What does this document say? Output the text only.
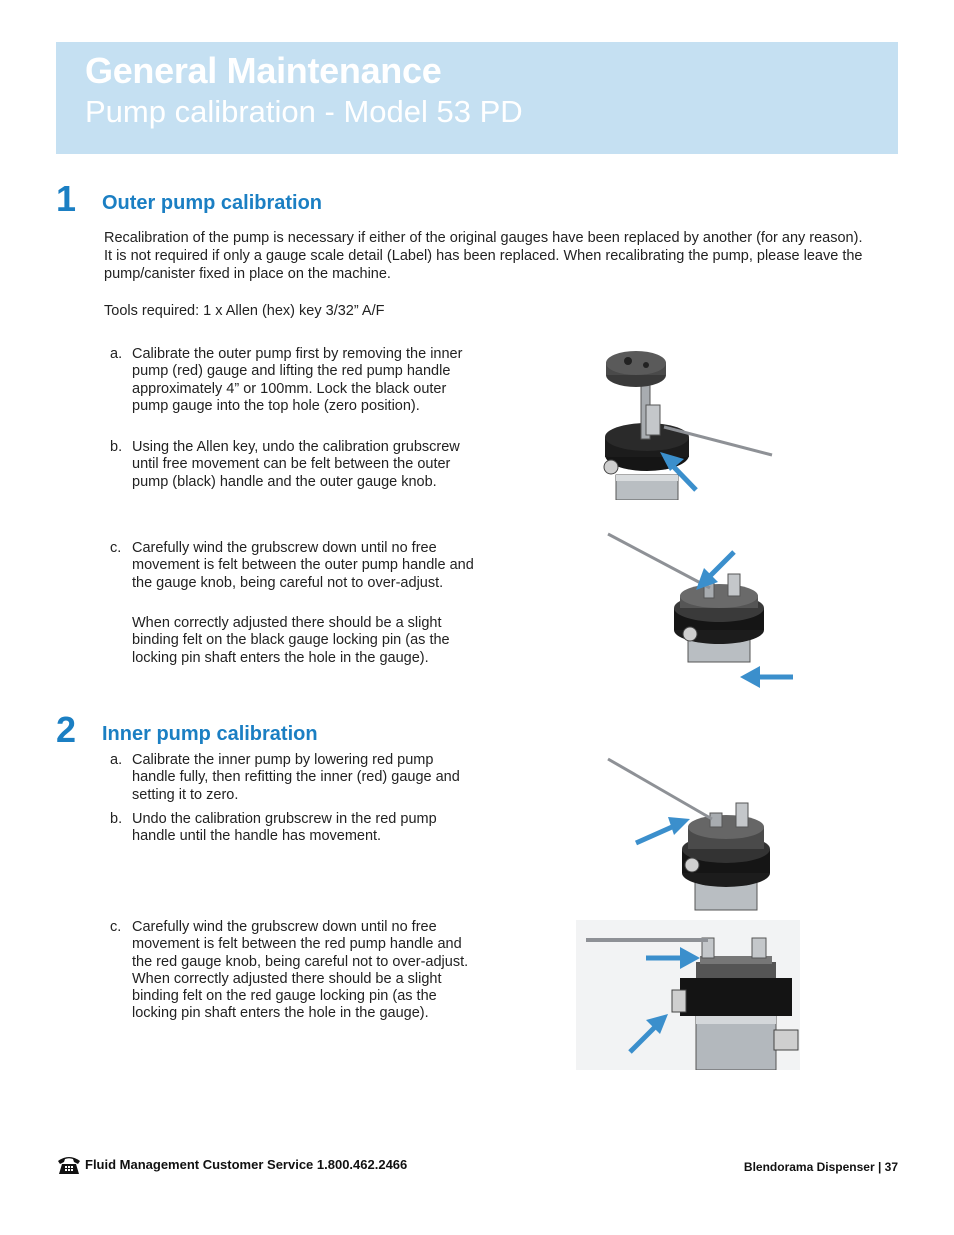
General Maintenance
Pump calibration - Model 53 PD
1 Outer pump calibration
Recalibration of the pump is necessary if either of the original gauges have been replaced by another (for any reason). It is not required if only a gauge scale detail (Label) has been replaced. When recalibrating the pump, please leave the pump/canister fixed in place on the machine.
Tools required: 1 x Allen (hex) key 3/32” A/F
a. Calibrate the outer pump first by removing the inner pump (red) gauge and lifting the red pump handle approximately 4” or 100mm. Lock the black outer pump gauge into the top hole (zero position).
b. Using the Allen key, undo the calibration grubscrew until free movement can be felt between the outer pump (black) handle and the outer gauge knob.
c. Carefully wind the grubscrew down until no free movement is felt between the outer pump handle and the gauge knob, being careful not to over-adjust.
When correctly adjusted there should be a slight binding felt on the black gauge locking pin (as the locking pin shaft enters the hole in the gauge).
2 Inner pump calibration
a. Calibrate the inner pump by lowering red pump handle fully, then refitting the inner (red) gauge and setting it to zero.
b. Undo the calibration grubscrew in the red pump handle until the handle has movement.
c. Carefully wind the grubscrew down until no free movement is felt between the red pump handle and the red gauge knob, being careful not to over-adjust. When correctly adjusted there should be a slight binding felt on the red gauge locking pin (as the locking pin shaft enters the hole in the gauge).
Fluid Management Customer Service 1.800.462.2466	Blendorama Dispenser | 37
